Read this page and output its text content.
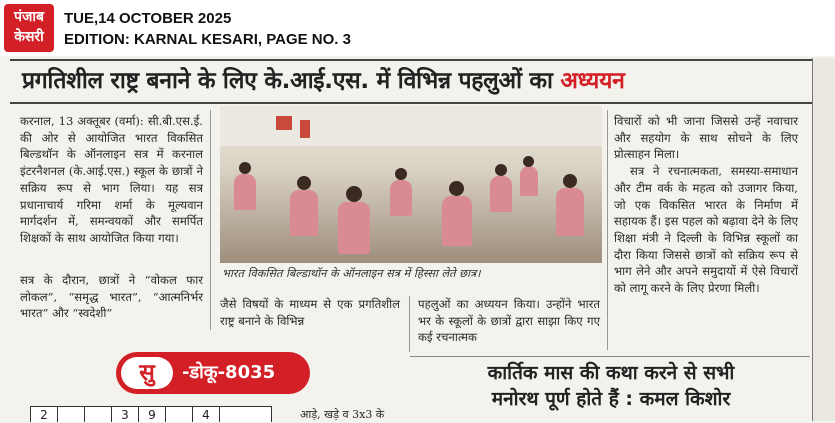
पंजाब
केसरी
TUE,14 OCTOBER 2025
EDITION: KARNAL KESARI, PAGE NO. 3
प्रगतिशील राष्ट्र बनाने के लिए के.आई.एस. में विभिन्न पहलुओं का अध्ययन
करनाल, 13 अक्तूबर (वर्मा): सी.बी.एस.ई. की ओर से आयोजित भारत विकसित बिल्डथॉन के ऑनलाइन सत्र में करनाल इंटरनैशनल (के.आई.एस.) स्कूल के छात्रों ने सक्रिय रूप से भाग लिया। यह सत्र प्रधानाचार्य गरिमा शर्मा के मूल्यवान मार्गदर्शन में, समन्वयकों और समर्पित शिक्षकों के साथ आयोजित किया गया।
सत्र के दौरान, छात्रों ने “वोकल फार लोकल”, “समृद्ध भारत”, “आत्मनिर्भर भारत” और “स्वदेशी”
भारत विकसित बिल्डाथॉन के ऑनलाइन सत्र में हिस्सा लेते छात्र।
जैसे विषयों के माध्यम से एक प्रगतिशील राष्ट्र बनाने के विभिन्न
पहलुओं का अध्ययन किया। उन्होंने भारत भर के स्कूलों के छात्रों द्वारा साझा किए गए कई रचनात्मक
विचारों को भी जाना जिससे उन्हें नवाचार और सहयोग के साथ सोचने के लिए प्रोत्साहन मिला।
सत्र ने रचनात्मकता, समस्या-समाधान और टीम वर्क के महत्व को उजागर किया, जो एक विकसित भारत के निर्माण में सहायक हैं। इस पहल को बढ़ावा देने के लिए शिक्षा मंत्री ने दिल्ली के विभिन्न स्कूलों का दौरा किया जिससे छात्रों को सक्रिय रूप से भाग लेने और अपने समुदायों में ऐसे विचारों को लागू करने के लिए प्रेरणा मिली।
सु	-डोकू-8035
2	3	9	4	आड़े, खड़े व 3x3 के
कार्तिक मास की कथा करने से सभी
मनोरथ पूर्ण होते हैं : कमल किशोर
